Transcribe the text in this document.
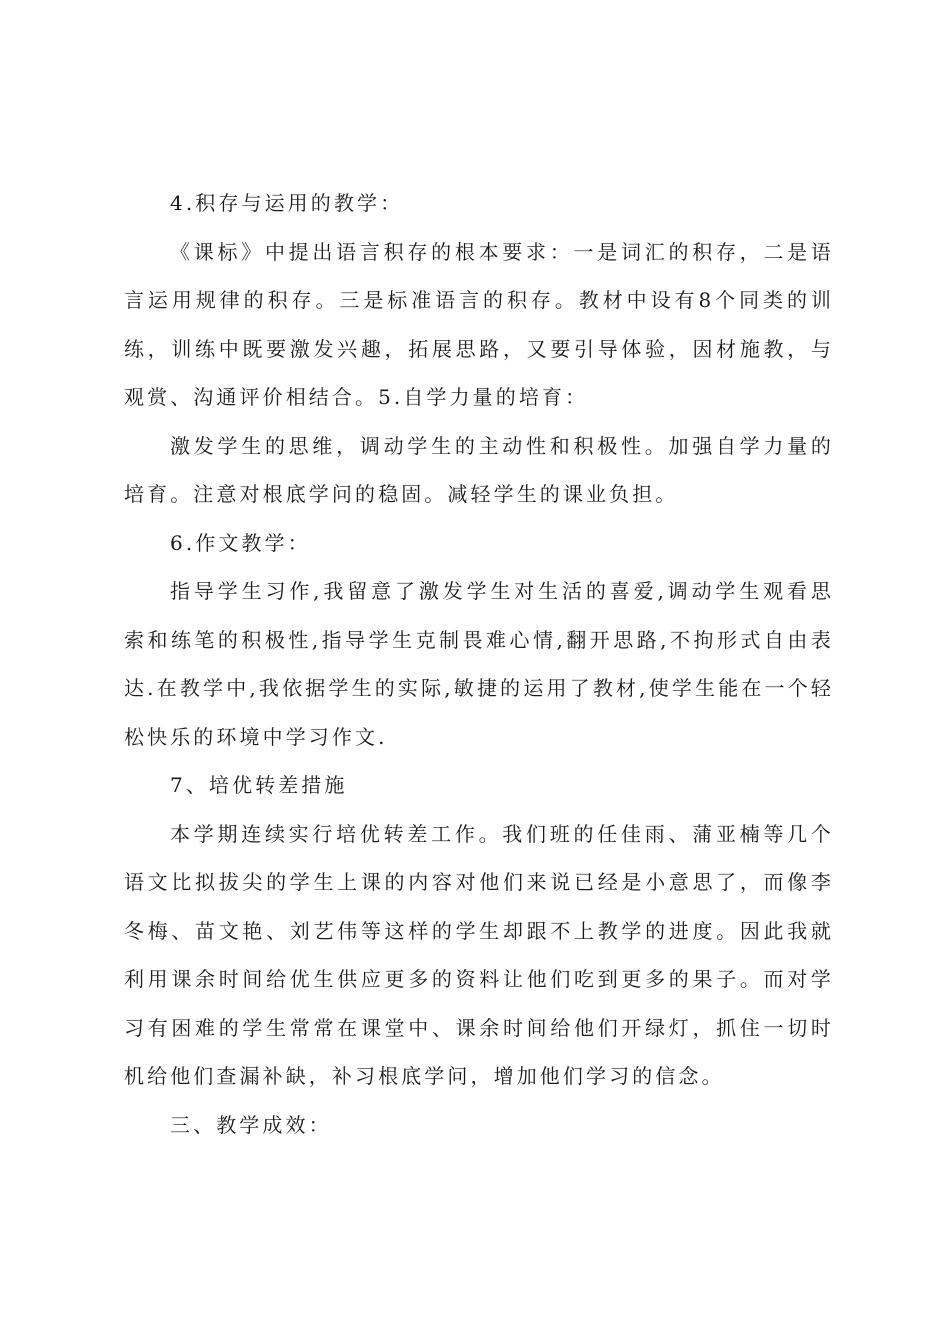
4.积存与运用的教学：

《课标》中提出语言积存的根本要求：一是词汇的积存，二是语言运用规律的积存。三是标准语言的积存。教材中设有8个同类的训练，训练中既要激发兴趣，拓展思路，又要引导体验，因材施教，与观赏、沟通评价相结合。5.自学力量的培育：

激发学生的思维，调动学生的主动性和积极性。加强自学力量的培育。注意对根底学问的稳固。减轻学生的课业负担。

6.作文教学：

指导学生习作,我留意了激发学生对生活的喜爱,调动学生观看思索和练笔的积极性,指导学生克制畏难心情,翻开思路,不拘形式自由表达.在教学中,我依据学生的实际,敏捷的运用了教材,使学生能在一个轻松快乐的环境中学习作文.

7、培优转差措施

本学期连续实行培优转差工作。我们班的任佳雨、蒲亚楠等几个语文比拟拔尖的学生上课的内容对他们来说已经是小意思了，而像李冬梅、苗文艳、刘艺伟等这样的学生却跟不上教学的进度。因此我就利用课余时间给优生供应更多的资料让他们吃到更多的果子。而对学习有困难的学生常常在课堂中、课余时间给他们开绿灯，抓住一切时机给他们查漏补缺，补习根底学问，增加他们学习的信念。

三、教学成效：
